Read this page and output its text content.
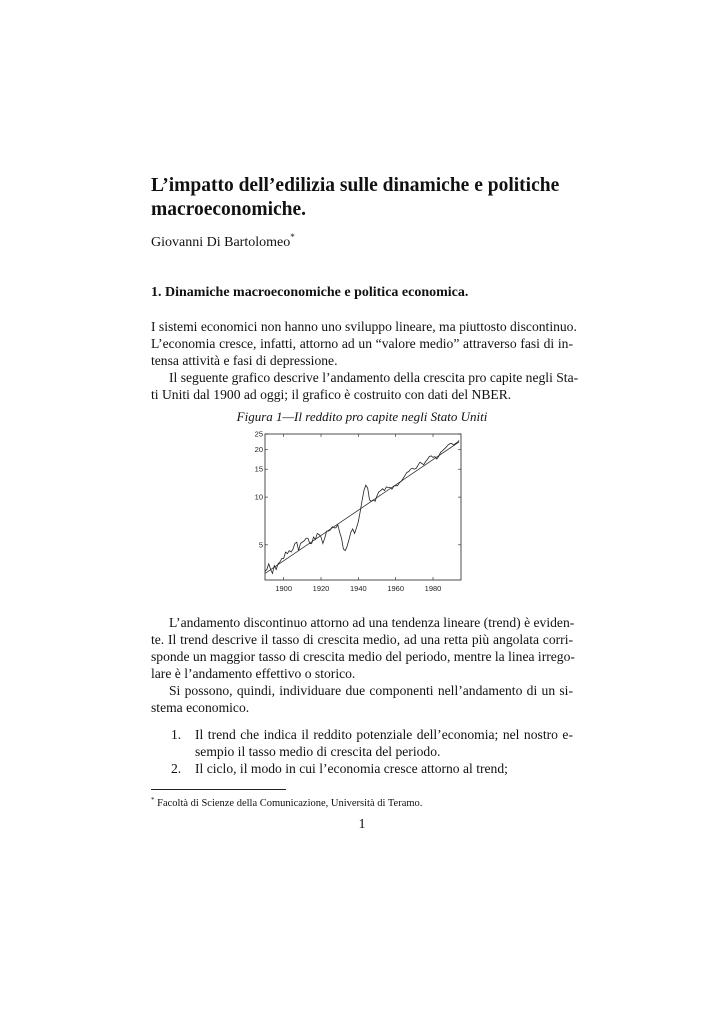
L’impatto dell’edilizia sulle dinamiche e politiche macroeconomiche.
Giovanni Di Bartolomeo*
1. Dinamiche macroeconomiche e politica economica.
I sistemi economici non hanno uno sviluppo lineare, ma piuttosto discontinuo.
L’economia cresce, infatti, attorno ad un “valore medio” attraverso fasi di in-
tensa attività e fasi di depressione.
Il seguente grafico descrive l’andamento della crescita pro capite negli Sta-
ti Uniti dal 1900 ad oggi; il grafico è costruito con dati del NBER.
Figura 1—Il reddito pro capite negli Stato Uniti
5
10
15
20
25
1900	1920	1940	1960	1980
L’andamento discontinuo attorno ad una tendenza lineare (trend) è eviden-
te. Il trend descrive il tasso di crescita medio, ad una retta più angolata corri-
sponde un maggior tasso di crescita medio del periodo, mentre la linea irrego-
lare è l’andamento effettivo o storico.
Si possono, quindi, individuare due componenti nell’andamento di un si-
stema economico.
1. Il trend che indica il reddito potenziale dell’economia; nel nostro e-
sempio il tasso medio di crescita del periodo.
2. Il ciclo, il modo in cui l’economia cresce attorno al trend;
* Facoltà di Scienze della Comunicazione, Università di Teramo.
1
